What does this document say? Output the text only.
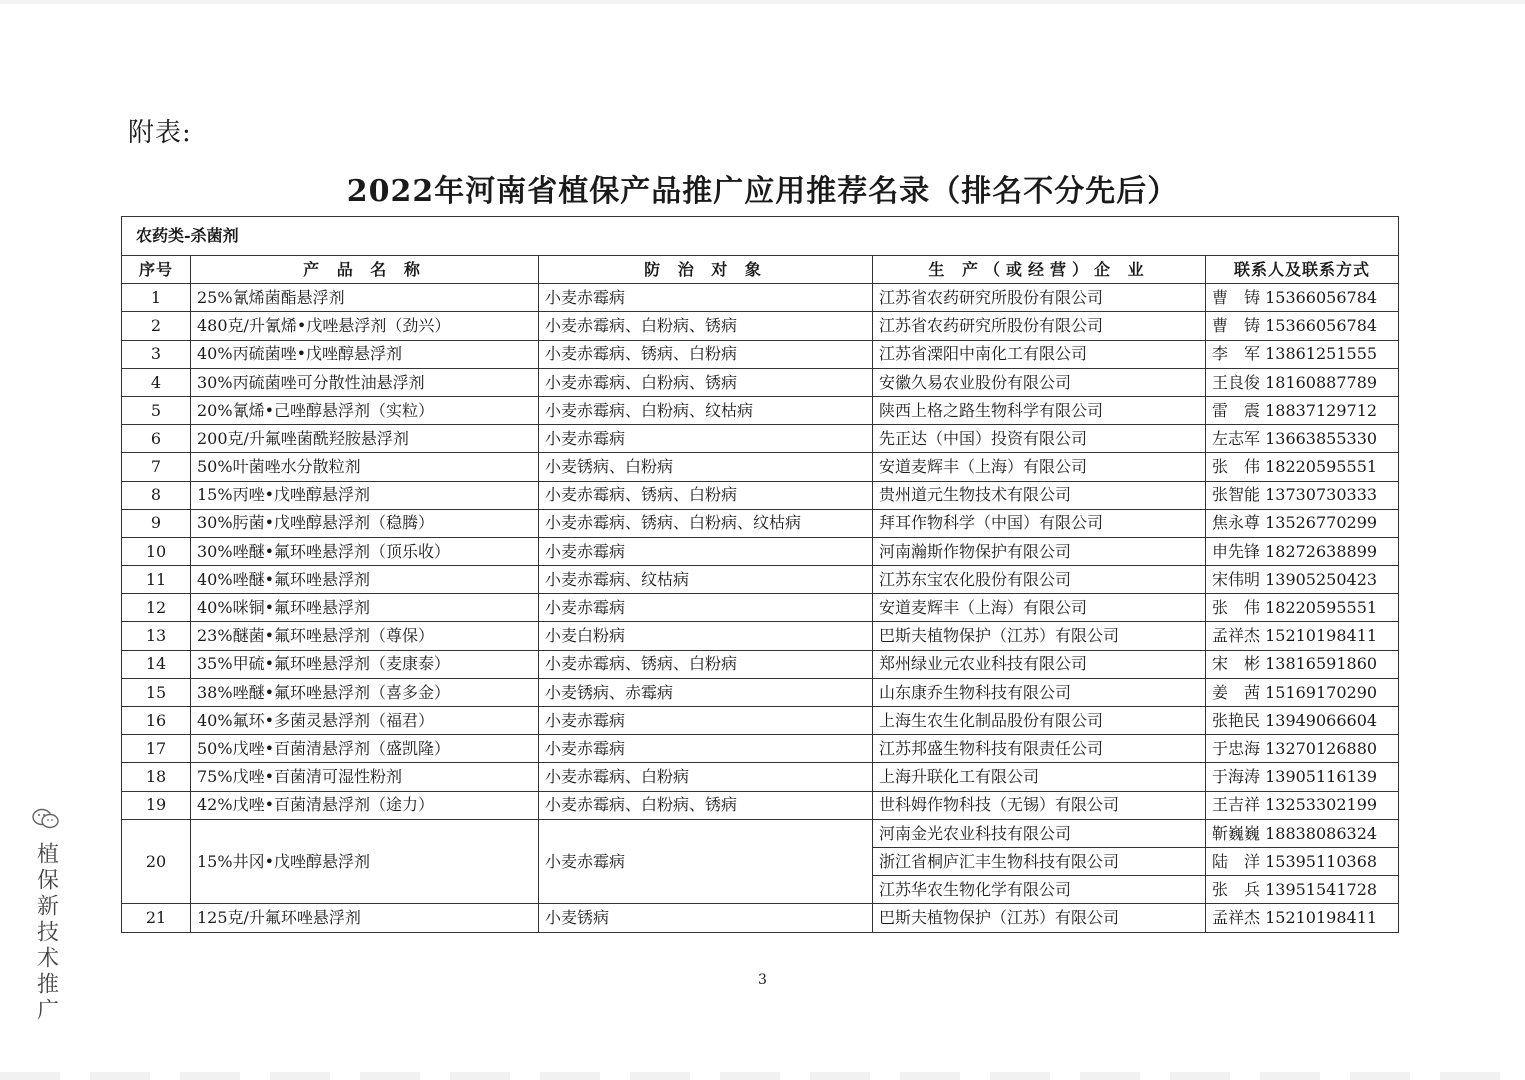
附表:
2022年河南省植保产品推广应用推荐名录（排名不分先后）
农药类-杀菌剂				
序号	产 品 名 称	防 治 对 象	生 产（或经营）企 业	联系人及联系方式
1	25%氰烯菌酯悬浮剂	小麦赤霉病	江苏省农药研究所股份有限公司	曹　铸 15366056784
2	480克/升氰烯•戊唑悬浮剂（劲兴）	小麦赤霉病、白粉病、锈病	江苏省农药研究所股份有限公司	曹　铸 15366056784
3	40%丙硫菌唑•戊唑醇悬浮剂	小麦赤霉病、锈病、白粉病	江苏省溧阳中南化工有限公司	李　军 13861251555
4	30%丙硫菌唑可分散性油悬浮剂	小麦赤霉病、白粉病、锈病	安徽久易农业股份有限公司	王良俊 18160887789
5	20%氰烯•己唑醇悬浮剂（实粒）	小麦赤霉病、白粉病、纹枯病	陕西上格之路生物科学有限公司	雷　震 18837129712
6	200克/升氟唑菌酰羟胺悬浮剂	小麦赤霉病	先正达（中国）投资有限公司	左志军 13663855330
7	50%叶菌唑水分散粒剂	小麦锈病、白粉病	安道麦辉丰（上海）有限公司	张　伟 18220595551
8	15%丙唑•戊唑醇悬浮剂	小麦赤霉病、锈病、白粉病	贵州道元生物技术有限公司	张智能 13730730333
9	30%肟菌•戊唑醇悬浮剂（稳腾）	小麦赤霉病、锈病、白粉病、纹枯病	拜耳作物科学（中国）有限公司	焦永尊 13526770299
10	30%唑醚•氟环唑悬浮剂（顶乐收）	小麦赤霉病	河南瀚斯作物保护有限公司	申先锋 18272638899
11	40%唑醚•氟环唑悬浮剂	小麦赤霉病、纹枯病	江苏东宝农化股份有限公司	宋伟明 13905250423
12	40%咪铜•氟环唑悬浮剂	小麦赤霉病	安道麦辉丰（上海）有限公司	张　伟 18220595551
13	23%醚菌•氟环唑悬浮剂（尊保）	小麦白粉病	巴斯夫植物保护（江苏）有限公司	孟祥杰 15210198411
14	35%甲硫•氟环唑悬浮剂（麦康泰）	小麦赤霉病、锈病、白粉病	郑州绿业元农业科技有限公司	宋　彬 13816591860
15	38%唑醚•氟环唑悬浮剂（喜多金）	小麦锈病、赤霉病	山东康乔生物科技有限公司	姜　茜 15169170290
16	40%氟环•多菌灵悬浮剂（福君）	小麦赤霉病	上海生农生化制品股份有限公司	张艳民 13949066604
17	50%戊唑•百菌清悬浮剂（盛凯隆）	小麦赤霉病	江苏邦盛生物科技有限责任公司	于忠海 13270126880
18	75%戊唑•百菌清可湿性粉剂	小麦赤霉病、白粉病	上海升联化工有限公司	于海涛 13905116139
19	42%戊唑•百菌清悬浮剂（途力）	小麦赤霉病、白粉病、锈病	世科姆作物科技（无锡）有限公司	王吉祥 13253302199
20	15%井冈•戊唑醇悬浮剂	小麦赤霉病	河南金光农业科技有限公司	靳巍巍 18838086324
			浙江省桐庐汇丰生物科技有限公司	陆　洋 15395110368
			江苏华农生物化学有限公司	张　兵 13951541728
21	125克/升氟环唑悬浮剂	小麦锈病	巴斯夫植物保护（江苏）有限公司	孟祥杰 15210198411
3
植保新技术推广
